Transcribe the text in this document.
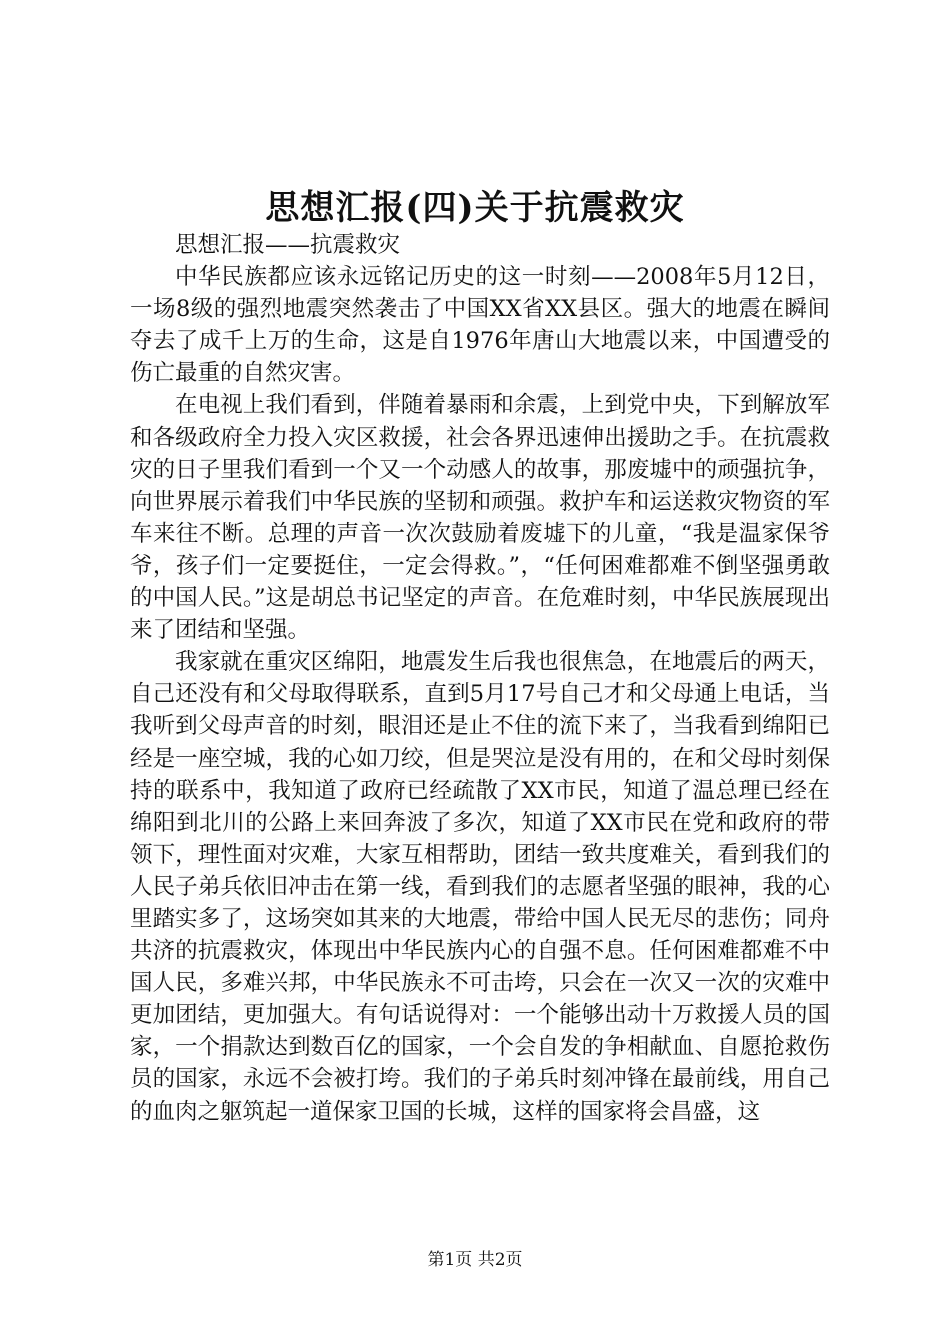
思想汇报(四)关于抗震救灾

思想汇报——抗震救灾

中华民族都应该永远铭记历史的这一时刻——2008年5月12日，一场8级的强烈地震突然袭击了中国XX省XX县区。强大的地震在瞬间夺去了成千上万的生命，这是自1976年唐山大地震以来，中国遭受的伤亡最重的自然灾害。

在电视上我们看到，伴随着暴雨和余震，上到党中央，下到解放军和各级政府全力投入灾区救援，社会各界迅速伸出援助之手。在抗震救灾的日子里我们看到一个又一个动感人的故事，那废墟中的顽强抗争，向世界展示着我们中华民族的坚韧和顽强。救护车和运送救灾物资的军车来往不断。总理的声音一次次鼓励着废墟下的儿童，“我是温家保爷爷，孩子们一定要挺住，一定会得救。”，“任何困难都难不倒坚强勇敢的中国人民。”这是胡总书记坚定的声音。在危难时刻，中华民族展现出来了团结和坚强。

我家就在重灾区绵阳，地震发生后我也很焦急，在地震后的两天，自己还没有和父母取得联系，直到5月17号自己才和父母通上电话，当我听到父母声音的时刻，眼泪还是止不住的流下来了，当我看到绵阳已经是一座空城，我的心如刀绞，但是哭泣是没有用的，在和父母时刻保持的联系中，我知道了政府已经疏散了XX市民，知道了温总理已经在绵阳到北川的公路上来回奔波了多次，知道了XX市民在党和政府的带领下，理性面对灾难，大家互相帮助，团结一致共度难关，看到我们的人民子弟兵依旧冲击在第一线，看到我们的志愿者坚强的眼神，我的心里踏实多了，这场突如其来的大地震，带给中国人民无尽的悲伤；同舟共济的抗震救灾，体现出中华民族内心的自强不息。任何困难都难不中国人民，多难兴邦，中华民族永不可击垮，只会在一次又一次的灾难中更加团结，更加强大。有句话说得对：一个能够出动十万救援人员的国家，一个捐款达到数百亿的国家，一个会自发的争相献血、自愿抢救伤员的国家，永远不会被打垮。我们的子弟兵时刻冲锋在最前线，用自己的血肉之躯筑起一道保家卫国的长城，这样的国家将会昌盛，这

第1页 共2页
